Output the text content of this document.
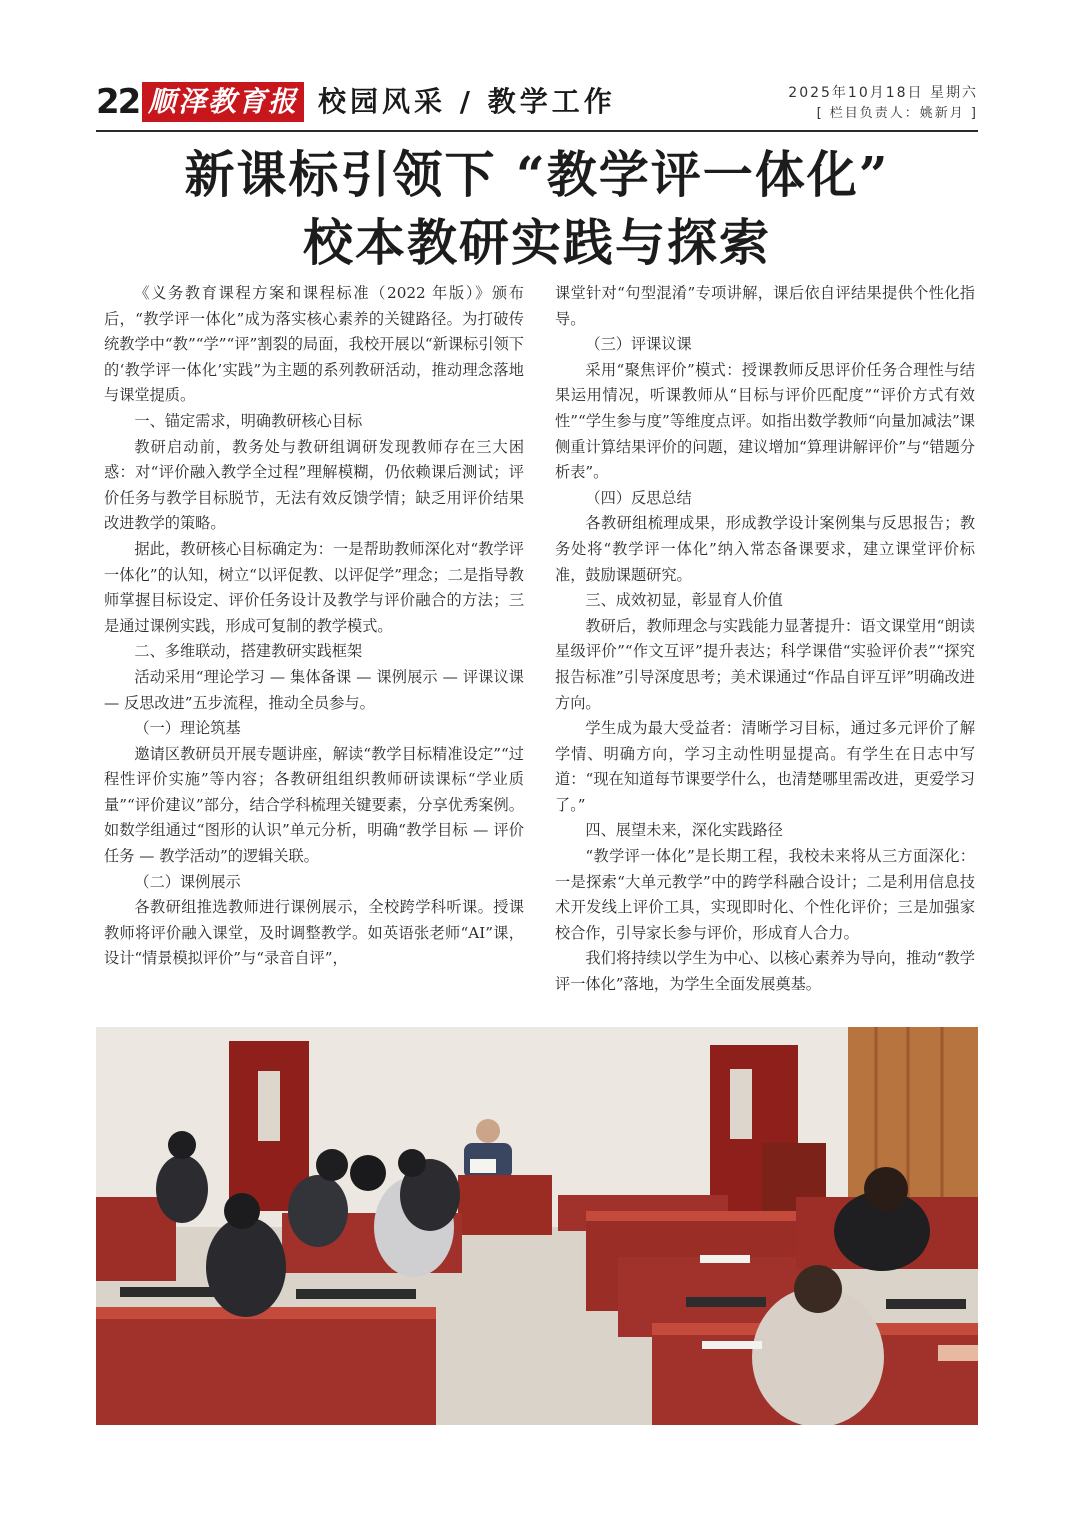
22 顺泽教育报 校园风采 / 教学工作	2025年10月18日 星期六
[ 栏目负责人：姚新月 ]
新课标引领下 “教学评一体化”
校本教研实践与探索

《义务教育课程方案和课程标准（2022 年版）》颁布后，“教学评一体化”成为落实核心素养的关键路径。为打破传统教学中“教”“学”“评”割裂的局面，我校开展以“新课标引领下的‘教学评一体化’实践”为主题的系列教研活动，推动理念落地与课堂提质。

一、锚定需求，明确教研核心目标

教研启动前，教务处与教研组调研发现教师存在三大困惑：对“评价融入教学全过程”理解模糊，仍依赖课后测试；评价任务与教学目标脱节，无法有效反馈学情；缺乏用评价结果改进教学的策略。

据此，教研核心目标确定为：一是帮助教师深化对“教学评一体化”的认知，树立“以评促教、以评促学”理念；二是指导教师掌握目标设定、评价任务设计及教学与评价融合的方法；三是通过课例实践，形成可复制的教学模式。

二、多维联动，搭建教研实践框架

活动采用“理论学习 — 集体备课 — 课例展示 — 评课议课 — 反思改进”五步流程，推动全员参与。

（一）理论筑基

邀请区教研员开展专题讲座，解读“教学目标精准设定”“过程性评价实施”等内容；各教研组组织教师研读课标“学业质量”“评价建议”部分，结合学科梳理关键要素，分享优秀案例。如数学组通过“图形的认识”单元分析，明确“教学目标 — 评价任务 — 教学活动”的逻辑关联。

（二）课例展示

各教研组推选教师进行课例展示，全校跨学科听课。授课教师将评价融入课堂，及时调整教学。如英语张老师“AI”课，设计“情景模拟评价”与“录音自评”，

课堂针对“句型混淆”专项讲解，课后依自评结果提供个性化指导。

（三）评课议课

采用“聚焦评价”模式：授课教师反思评价任务合理性与结果运用情况，听课教师从“目标与评价匹配度”“评价方式有效性”“学生参与度”等维度点评。如指出数学教师“向量加减法”课侧重计算结果评价的问题，建议增加“算理讲解评价”与“错题分析表”。

（四）反思总结

各教研组梳理成果，形成教学设计案例集与反思报告；教务处将“教学评一体化”纳入常态备课要求，建立课堂评价标准，鼓励课题研究。

三、成效初显，彰显育人价值

教研后，教师理念与实践能力显著提升：语文课堂用“朗读星级评价”“作文互评”提升表达；科学课借“实验评价表”“探究报告标准”引导深度思考；美术课通过“作品自评互评”明确改进方向。

学生成为最大受益者：清晰学习目标，通过多元评价了解学情、明确方向，学习主动性明显提高。有学生在日志中写道：“现在知道每节课要学什么，也清楚哪里需改进，更爱学习了。”

四、展望未来，深化实践路径

“教学评一体化”是长期工程，我校未来将从三方面深化：一是探索“大单元教学”中的跨学科融合设计；二是利用信息技术开发线上评价工具，实现即时化、个性化评价；三是加强家校合作，引导家长参与评价，形成育人合力。

我们将持续以学生为中心、以核心素养为导向，推动“教学评一体化”落地，为学生全面发展奠基。
